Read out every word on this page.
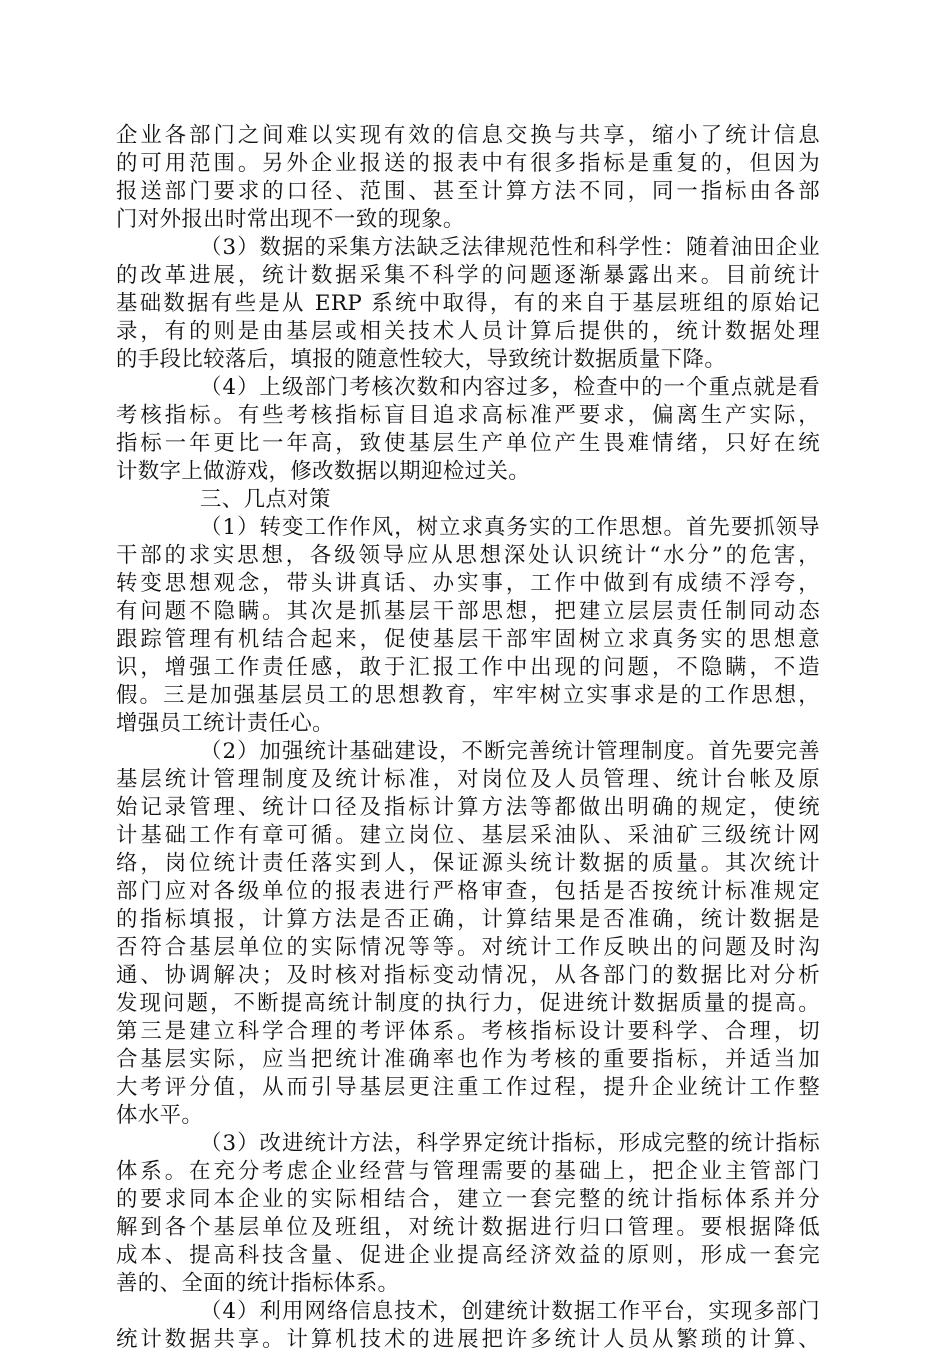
企业各部门之间难以实现有效的信息交换与共享，缩小了统计信息
的可用范围。另外企业报送的报表中有很多指标是重复的，但因为
报送部门要求的口径、范围、甚至计算方法不同，同一指标由各部
门对外报出时常出现不一致的现象。
（3）数据的采集方法缺乏法律规范性和科学性：随着油田企业
的改革进展，统计数据采集不科学的问题逐渐暴露出来。目前统计
基础数据有些是从 ERP 系统中取得，有的来自于基层班组的原始记
录，有的则是由基层或相关技术人员计算后提供的，统计数据处理
的手段比较落后，填报的随意性较大，导致统计数据质量下降。
（4）上级部门考核次数和内容过多，检查中的一个重点就是看
考核指标。有些考核指标盲目追求高标准严要求，偏离生产实际，
指标一年更比一年高，致使基层生产单位产生畏难情绪，只好在统
计数字上做游戏，修改数据以期迎检过关。
三、几点对策
（1）转变工作作风，树立求真务实的工作思想。首先要抓领导
干部的求实思想，各级领导应从思想深处认识统计“水分”的危害，
转变思想观念，带头讲真话、办实事，工作中做到有成绩不浮夸，
有问题不隐瞒。其次是抓基层干部思想，把建立层层责任制同动态
跟踪管理有机结合起来，促使基层干部牢固树立求真务实的思想意
识，增强工作责任感，敢于汇报工作中出现的问题，不隐瞒，不造
假。三是加强基层员工的思想教育，牢牢树立实事求是的工作思想，
增强员工统计责任心。
（2）加强统计基础建设，不断完善统计管理制度。首先要完善
基层统计管理制度及统计标准，对岗位及人员管理、统计台帐及原
始记录管理、统计口径及指标计算方法等都做出明确的规定，使统
计基础工作有章可循。建立岗位、基层采油队、采油矿三级统计网
络，岗位统计责任落实到人，保证源头统计数据的质量。其次统计
部门应对各级单位的报表进行严格审查，包括是否按统计标准规定
的指标填报，计算方法是否正确，计算结果是否准确，统计数据是
否符合基层单位的实际情况等等。对统计工作反映出的问题及时沟
通、协调解决；及时核对指标变动情况，从各部门的数据比对分析
发现问题，不断提高统计制度的执行力，促进统计数据质量的提高。
第三是建立科学合理的考评体系。考核指标设计要科学、合理，切
合基层实际，应当把统计准确率也作为考核的重要指标，并适当加
大考评分值，从而引导基层更注重工作过程，提升企业统计工作整
体水平。
（3）改进统计方法，科学界定统计指标，形成完整的统计指标
体系。在充分考虑企业经营与管理需要的基础上，把企业主管部门
的要求同本企业的实际相结合，建立一套完整的统计指标体系并分
解到各个基层单位及班组，对统计数据进行归口管理。要根据降低
成本、提高科技含量、促进企业提高经济效益的原则，形成一套完
善的、全面的统计指标体系。
（4）利用网络信息技术，创建统计数据工作平台，实现多部门
统计数据共享。计算机技术的进展把许多统计人员从繁琐的计算、
